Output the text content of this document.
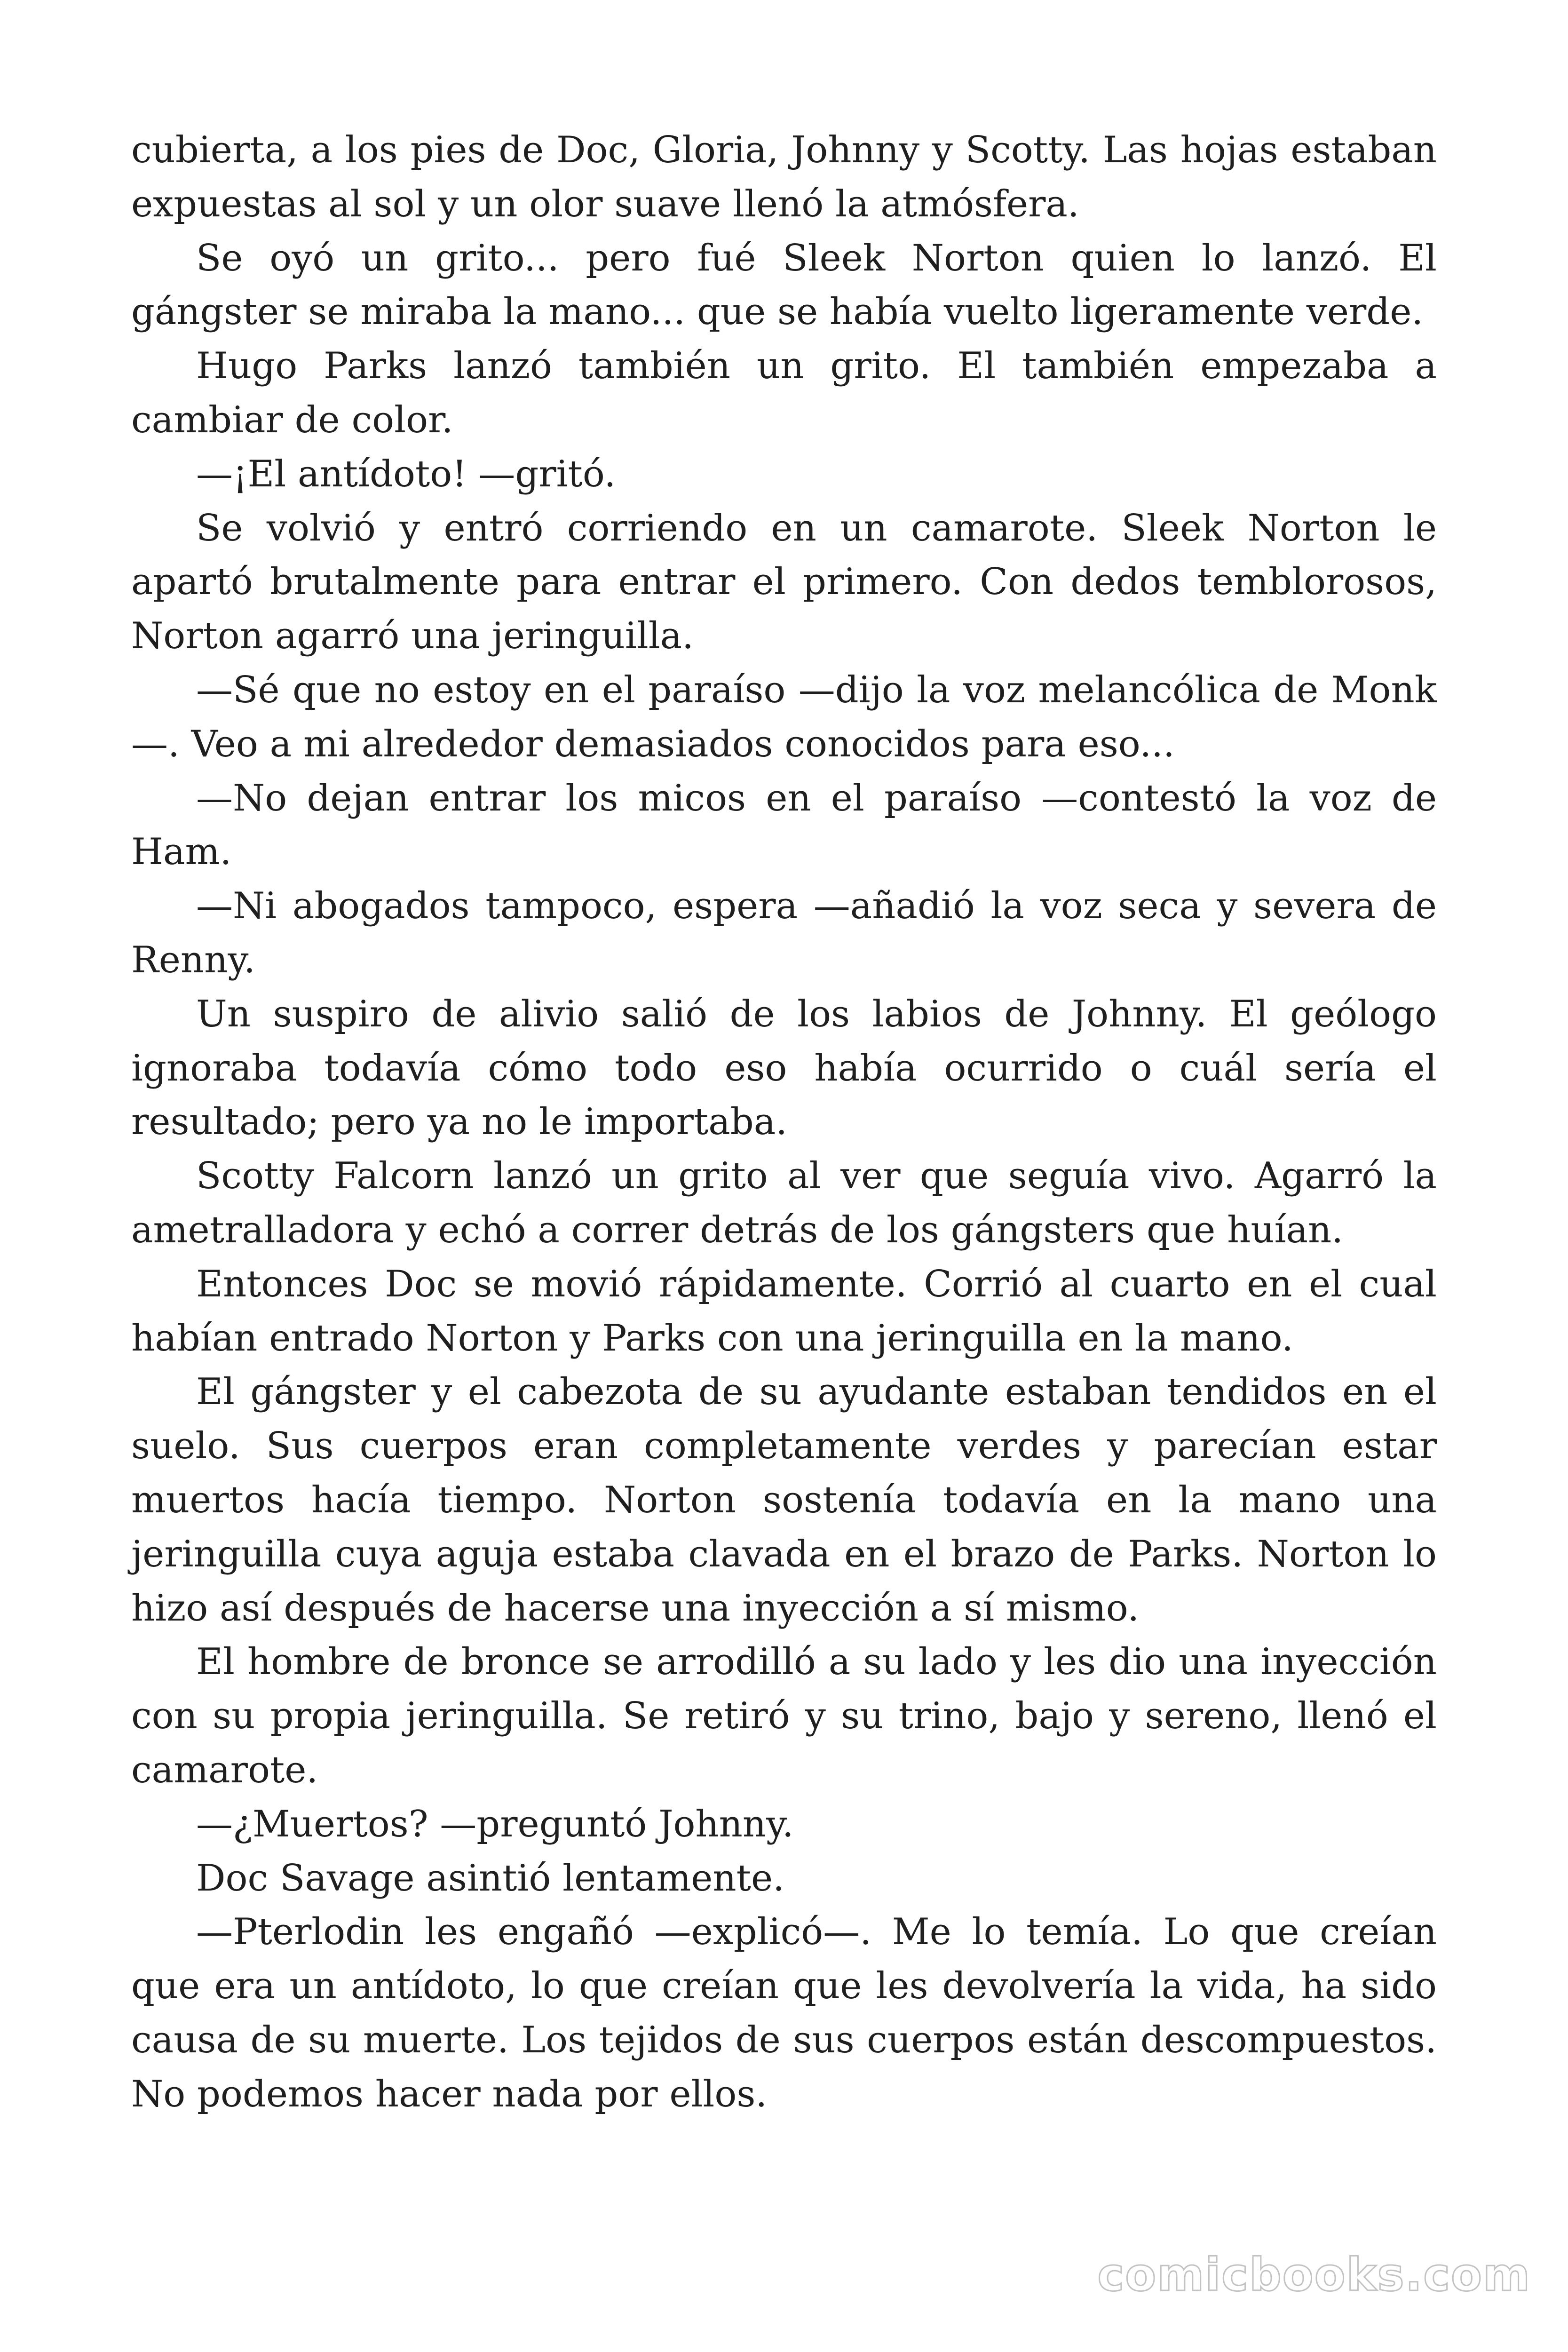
cubierta, a los pies de Doc, Gloria, Johnny y Scotty. Las hojas estaban expuestas al sol y un olor suave llenó la atmósfera.

Se oyó un grito... pero fué Sleek Norton quien lo lanzó. El gángster se miraba la mano... que se había vuelto ligeramente verde.

Hugo Parks lanzó también un grito. El también empezaba a cambiar de color.

—¡El antídoto! —gritó.

Se volvió y entró corriendo en un camarote. Sleek Norton le apartó brutalmente para entrar el primero. Con dedos temblorosos, Norton agarró una jeringuilla.

—Sé que no estoy en el paraíso —dijo la voz melancólica de Monk—. Veo a mi alrededor demasiados conocidos para eso...

—No dejan entrar los micos en el paraíso —contestó la voz de Ham.

—Ni abogados tampoco, espera —añadió la voz seca y severa de Renny.

Un suspiro de alivio salió de los labios de Johnny. El geólogo ignoraba todavía cómo todo eso había ocurrido o cuál sería el resultado; pero ya no le importaba.

Scotty Falcorn lanzó un grito al ver que seguía vivo. Agarró la ametralladora y echó a correr detrás de los gángsters que huían.

Entonces Doc se movió rápidamente. Corrió al cuarto en el cual habían entrado Norton y Parks con una jeringuilla en la mano.

El gángster y el cabezota de su ayudante estaban tendidos en el suelo. Sus cuerpos eran completamente verdes y parecían estar muertos hacía tiempo. Norton sostenía todavía en la mano una jeringuilla cuya aguja estaba clavada en el brazo de Parks. Norton lo hizo así después de hacerse una inyección a sí mismo.

El hombre de bronce se arrodilló a su lado y les dio una inyección con su propia jeringuilla. Se retiró y su trino, bajo y sereno, llenó el camarote.

—¿Muertos? —preguntó Johnny.

Doc Savage asintió lentamente.

—Pterlodin les engañó —explicó—. Me lo temía. Lo que creían que era un antídoto, lo que creían que les devolvería la vida, ha sido causa de su muerte. Los tejidos de sus cuerpos están descompuestos. No podemos hacer nada por ellos.

comicbooks.com
